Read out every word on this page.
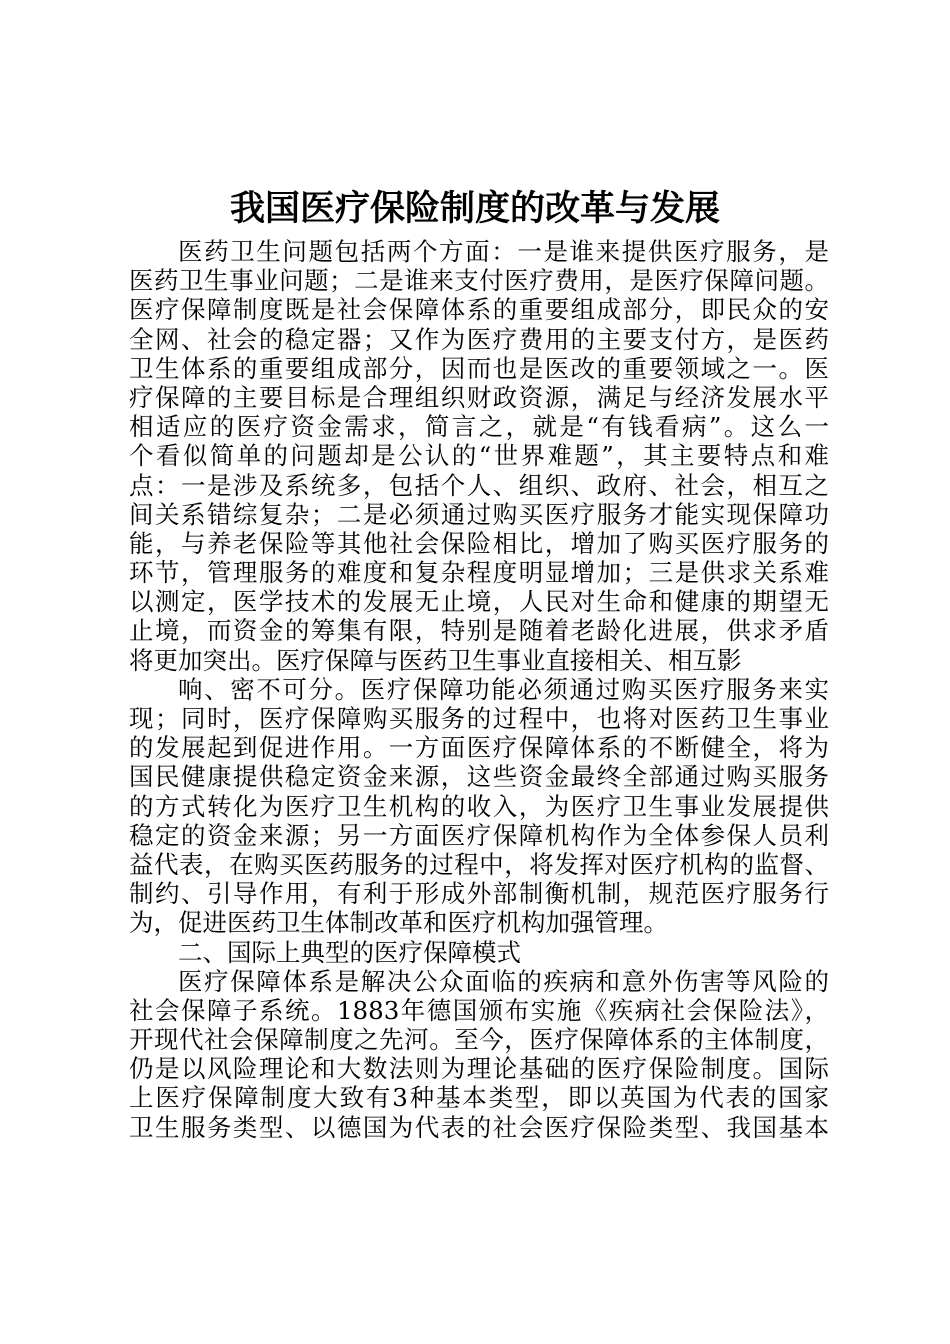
我国医疗保险制度的改革与发展
医药卫生问题包括两个方面：一是谁来提供医疗服务，是
医药卫生事业问题；二是谁来支付医疗费用，是医疗保障问题。
医疗保障制度既是社会保障体系的重要组成部分，即民众的安
全网、社会的稳定器；又作为医疗费用的主要支付方，是医药
卫生体系的重要组成部分，因而也是医改的重要领域之一。医
疗保障的主要目标是合理组织财政资源，满足与经济发展水平
相适应的医疗资金需求，简言之，就是“有钱看病”。这么一
个看似简单的问题却是公认的“世界难题”，其主要特点和难
点：一是涉及系统多，包括个人、组织、政府、社会，相互之
间关系错综复杂；二是必须通过购买医疗服务才能实现保障功
能，与养老保险等其他社会保险相比，增加了购买医疗服务的
环节，管理服务的难度和复杂程度明显增加；三是供求关系难
以测定，医学技术的发展无止境，人民对生命和健康的期望无
止境，而资金的筹集有限，特别是随着老龄化进展，供求矛盾
将更加突出。医疗保障与医药卫生事业直接相关、相互影
响、密不可分。医疗保障功能必须通过购买医疗服务来实
现；同时，医疗保障购买服务的过程中，也将对医药卫生事业
的发展起到促进作用。一方面医疗保障体系的不断健全，将为
国民健康提供稳定资金来源，这些资金最终全部通过购买服务
的方式转化为医疗卫生机构的收入，为医疗卫生事业发展提供
稳定的资金来源；另一方面医疗保障机构作为全体参保人员利
益代表，在购买医药服务的过程中，将发挥对医疗机构的监督、
制约、引导作用，有利于形成外部制衡机制，规范医疗服务行
为，促进医药卫生体制改革和医疗机构加强管理。
二、国际上典型的医疗保障模式
医疗保障体系是解决公众面临的疾病和意外伤害等风险的
社会保障子系统。1883年德国颁布实施《疾病社会保险法》，
开现代社会保障制度之先河。至今，医疗保障体系的主体制度，
仍是以风险理论和大数法则为理论基础的医疗保险制度。国际
上医疗保障制度大致有3种基本类型，即以英国为代表的国家
卫生服务类型、以德国为代表的社会医疗保险类型、我国基本
